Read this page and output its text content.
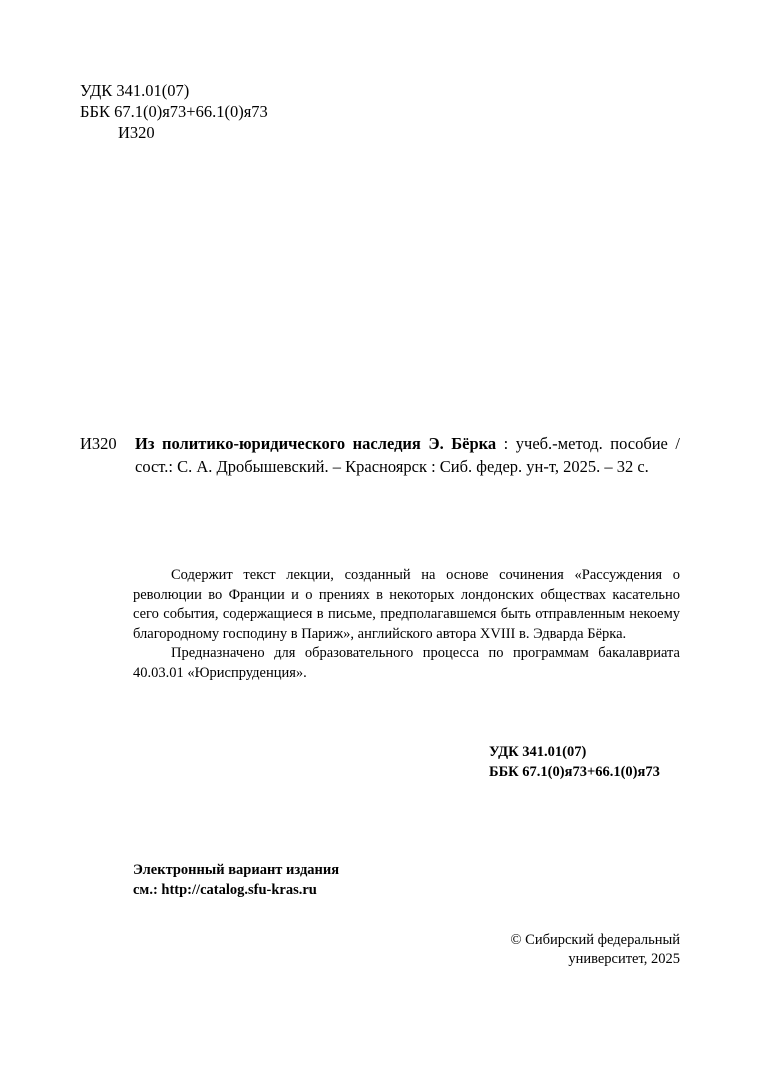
УДК 341.01(07)
ББК 67.1(0)я73+66.1(0)я73
И320
И320 Из политико-юридического наследия Э. Бёрка : учеб.-метод. пособие / сост.: С. А. Дробышевский. – Красноярск : Сиб. федер. ун-т, 2025. – 32 с.

Содержит текст лекции, созданный на основе сочинения «Рассуждения о революции во Франции и о прениях в некоторых лондонских обществах касательно сего события, содержащиеся в письме, предполагавшемся быть отправленным некоему благородному господину в Париж», английского автора XVIII в. Эдварда Бёрка.

Предназначено для образовательного процесса по программам бакалавриата 40.03.01 «Юриспруденция».

УДК 341.01(07)
ББК 67.1(0)я73+66.1(0)я73
Электронный вариант издания
см.: http://catalog.sfu-kras.ru
© Сибирский федеральный
университет, 2025
